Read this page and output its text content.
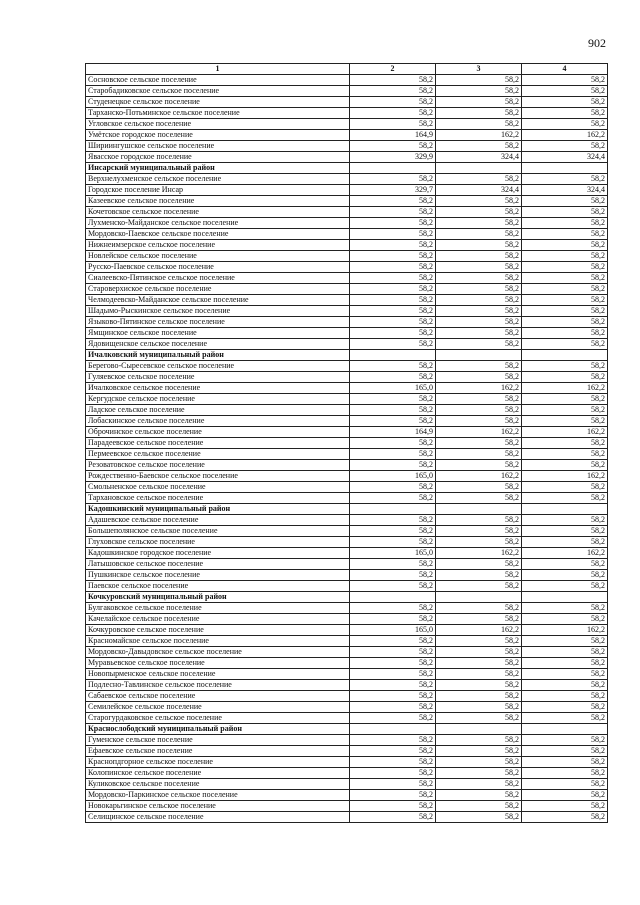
902
1	2	3	4
Сосновское сельское поселение	58,2	58,2	58,2
Старобадиковское сельское поселение	58,2	58,2	58,2
Студенецкое сельское поселение	58,2	58,2	58,2
Тарханско-Потьминское сельское поселение	58,2	58,2	58,2
Угловское сельское поселение	58,2	58,2	58,2
Умётское городское поселение	164,9	162,2	162,2
Шириингушское сельское поселение	58,2	58,2	58,2
Явасское городское поселение	329,9	324,4	324,4
Инсарский муниципальный район			
Верхнелухменское сельское поселение	58,2	58,2	58,2
Городское поселение Инсар	329,7	324,4	324,4
Казеевское сельское поселение	58,2	58,2	58,2
Кочетовское сельское поселение	58,2	58,2	58,2
Лухменско-Майданское сельское поселение	58,2	58,2	58,2
Мордовско-Паевское сельское поселение	58,2	58,2	58,2
Нижнеимзерское сельское поселение	58,2	58,2	58,2
Новлейское сельское поселение	58,2	58,2	58,2
Русско-Паевское сельское поселение	58,2	58,2	58,2
Сиалеевско-Пятинское сельское поселение	58,2	58,2	58,2
Староверхиское сельское поселение	58,2	58,2	58,2
Челмодеевско-Майданское сельское поселение	58,2	58,2	58,2
Шадымо-Рыскинское сельское поселение	58,2	58,2	58,2
Языково-Пятинское сельское поселение	58,2	58,2	58,2
Ямщинское сельское поселение	58,2	58,2	58,2
Ядовищенское сельское поселение	58,2	58,2	58,2
Ичалковский муниципальный район			
Берегово-Сыресевское сельское поселение	58,2	58,2	58,2
Гуляевское сельское поселение	58,2	58,2	58,2
Ичалковское сельское поселение	165,0	162,2	162,2
Кергудское сельское поселение	58,2	58,2	58,2
Ладское сельское поселение	58,2	58,2	58,2
Лобаскинское сельское поселение	58,2	58,2	58,2
Оброчинское сельское поселение	164,9	162,2	162,2
Парадеевское сельское поселение	58,2	58,2	58,2
Пермеевское сельское поселение	58,2	58,2	58,2
Резоватовское сельское поселение	58,2	58,2	58,2
Рождественно-Баевское сельское поселение	165,0	162,2	162,2
Смольненское сельское поселение	58,2	58,2	58,2
Тархановское сельское поселение	58,2	58,2	58,2
Кадошкинский муниципальный район			
Адашевское сельское поселение	58,2	58,2	58,2
Большеполянское сельское поселение	58,2	58,2	58,2
Глуховское сельское поселение	58,2	58,2	58,2
Кадошкинское городское поселение	165,0	162,2	162,2
Латышовское сельское поселение	58,2	58,2	58,2
Пушкинское сельское поселение	58,2	58,2	58,2
Паевское сельское поселение	58,2	58,2	58,2
Кочкуровский муниципальный район			
Булгаковское сельское поселение	58,2	58,2	58,2
Качелайское сельское поселение	58,2	58,2	58,2
Кочкуровское сельское поселение	165,0	162,2	162,2
Красномайское сельское поселение	58,2	58,2	58,2
Мордовско-Давыдовское сельское поселение	58,2	58,2	58,2
Муравьевское сельское поселение	58,2	58,2	58,2
Новопырменское сельское поселение	58,2	58,2	58,2
Подлесно-Тавлинское сельское поселение	58,2	58,2	58,2
Сабаевское сельское поселение	58,2	58,2	58,2
Семилейское сельское поселение	58,2	58,2	58,2
Старогурдаковское сельское поселение	58,2	58,2	58,2
Краснослободский муниципальный район			
Гуменское сельское поселение	58,2	58,2	58,2
Ефаевское сельское поселение	58,2	58,2	58,2
Краснопдгорное сельское поселение	58,2	58,2	58,2
Колопинское сельское поселение	58,2	58,2	58,2
Куликовское сельское поселение	58,2	58,2	58,2
Мордовско-Паркинское сельское поселение	58,2	58,2	58,2
Новокарьгинское сельское поселение	58,2	58,2	58,2
Селищинское сельское поселение	58,2	58,2	58,2
